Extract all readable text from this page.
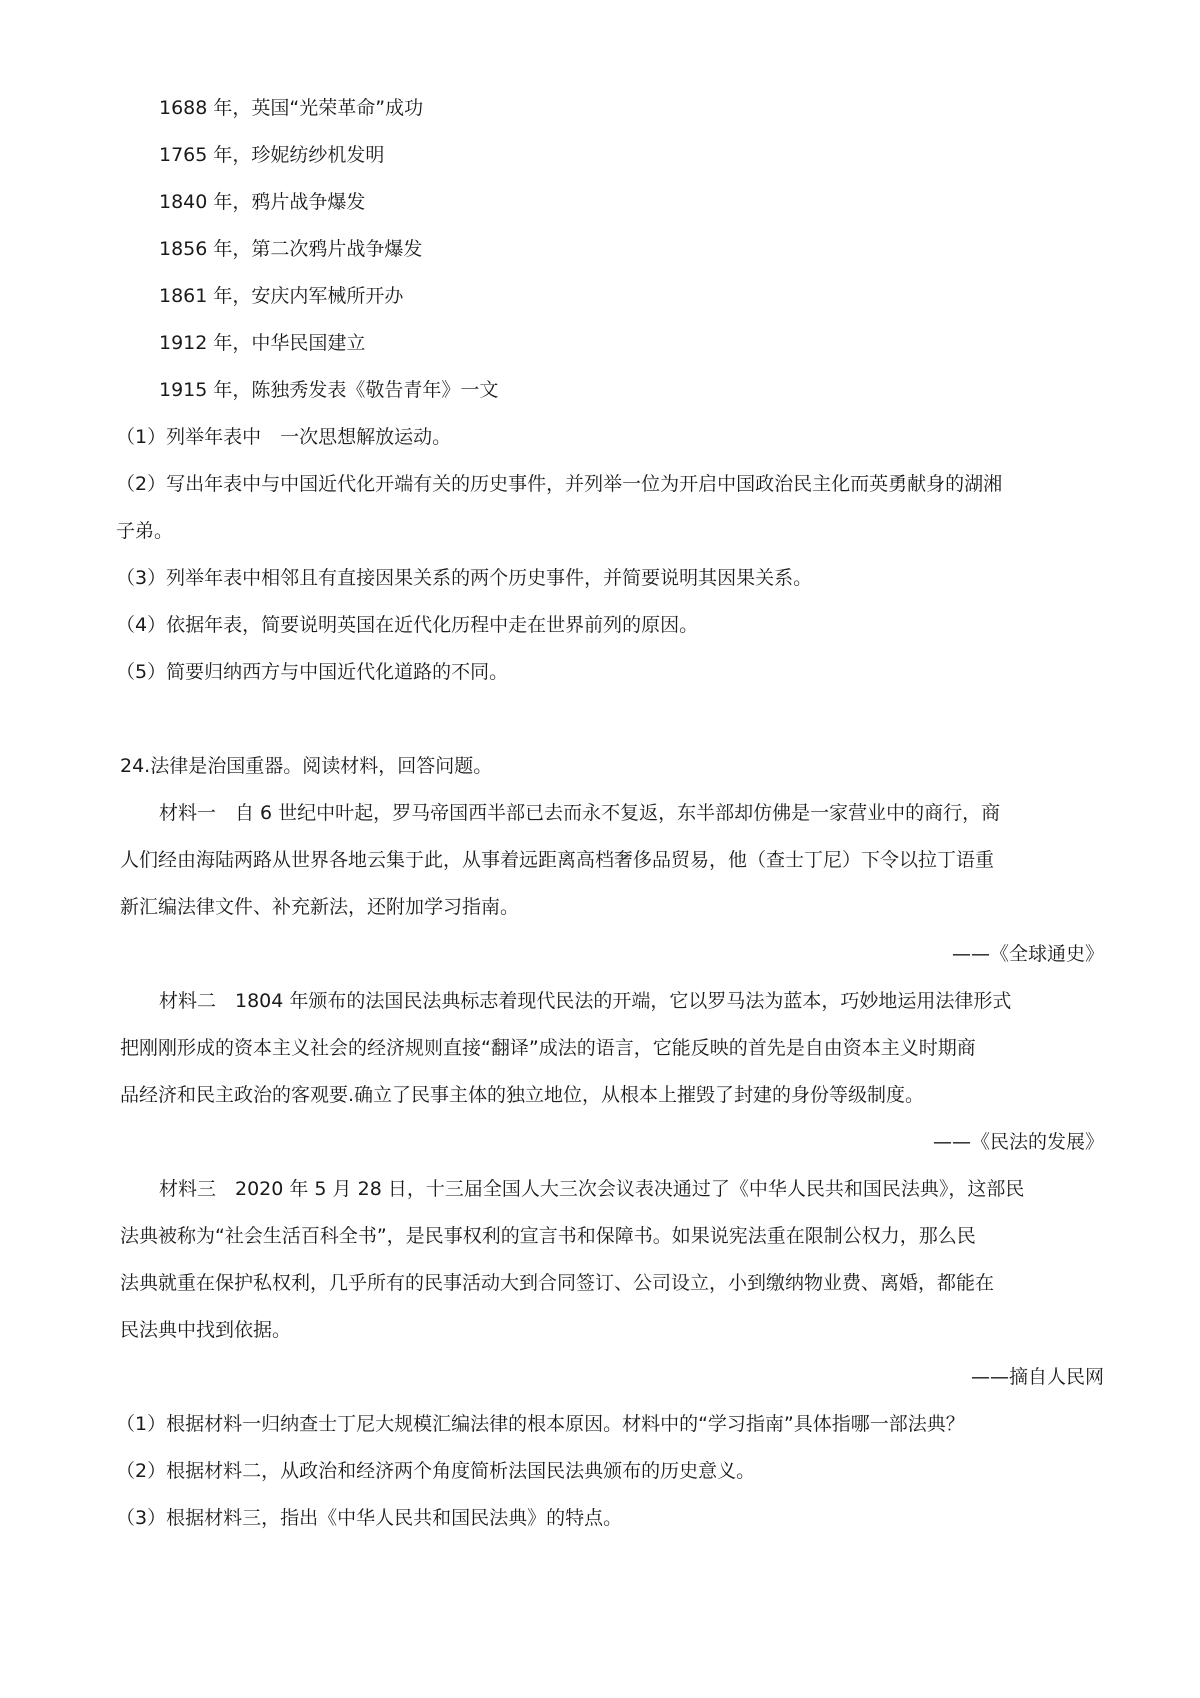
1688 年，英国“光荣革命”成功
1765 年，珍妮纺纱机发明
1840 年，鸦片战争爆发
1856 年，第二次鸦片战争爆发
1861 年，安庆内军械所开办
1912 年，中华民国建立
1915 年，陈独秀发表《敬告青年》一文
（1）列举年表中　一次思想解放运动。
（2）写出年表中与中国近代化开端有关的历史事件，并列举一位为开启中国政治民主化而英勇献身的湖湘
子弟。
（3）列举年表中相邻且有直接因果关系的两个历史事件，并简要说明其因果关系。
（4）依据年表，简要说明英国在近代化历程中走在世界前列的原因。
（5）简要归纳西方与中国近代化道路的不同。
24.法律是治国重器。阅读材料，回答问题。
材料一　自 6 世纪中叶起，罗马帝国西半部已去而永不复返，东半部却仿佛是一家营业中的商行，商
人们经由海陆两路从世界各地云集于此，从事着远距离高档奢侈品贸易，他（查士丁尼）下令以拉丁语重
新汇编法律文件、补充新法，还附加学习指南。
——《全球通史》
材料二　1804 年颁布的法国民法典标志着现代民法的开端，它以罗马法为蓝本，巧妙地运用法律形式
把刚刚形成的资本主义社会的经济规则直接“翻译”成法的语言，它能反映的首先是自由资本主义时期商
品经济和民主政治的客观要.确立了民事主体的独立地位，从根本上摧毁了封建的身份等级制度。
——《民法的发展》
材料三　2020 年 5 月 28 日，十三届全国人大三次会议表决通过了《中华人民共和国民法典》，这部民
法典被称为“社会生活百科全书”，是民事权利的宣言书和保障书。如果说宪法重在限制公权力，那么民
法典就重在保护私权利，几乎所有的民事活动大到合同签订、公司设立，小到缴纳物业费、离婚，都能在
民法典中找到依据。
——摘自人民网
（1）根据材料一归纳查士丁尼大规模汇编法律的根本原因。材料中的“学习指南”具体指哪一部法典？
（2）根据材料二，从政治和经济两个角度简析法国民法典颁布的历史意义。
（3）根据材料三，指出《中华人民共和国民法典》的特点。
